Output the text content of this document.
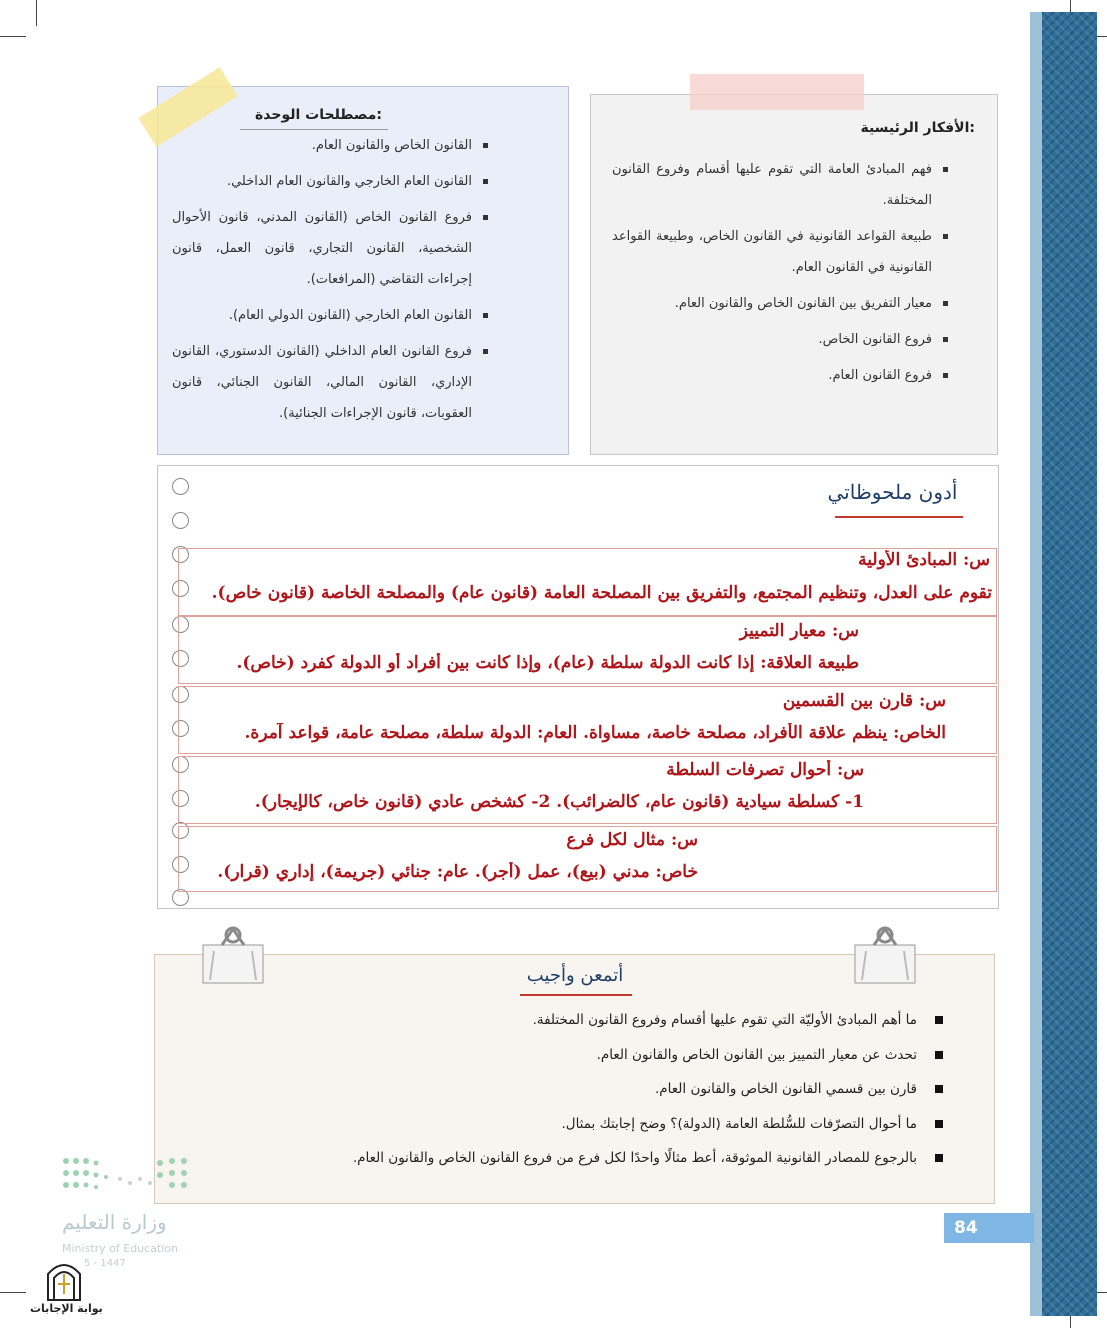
الأفكار الرئيسية:
فهم المبادئ العامة التي تقوم عليها أقسام وفروع القانون المختلفة.
طبيعة القواعد القانونية في القانون الخاص، وطبيعة القواعد القانونية في القانون العام.
معيار التفريق بين القانون الخاص والقانون العام.
فروع القانون الخاص.
فروع القانون العام.
مصطلحات الوحدة:
القانون الخاص والقانون العام.
القانون العام الخارجي والقانون العام الداخلي.
فروع القانون الخاص (القانون المدني، قانون الأحوال الشخصية، القانون التجاري، قانون العمل، قانون إجراءات التقاضي (المرافعات).
القانون العام الخارجي (القانون الدولي العام).
فروع القانون العام الداخلي (القانون الدستوري، القانون الإداري، القانون المالي، القانون الجنائي، قانون العقوبات، قانون الإجراءات الجنائية).
أدون ملحوظاتي
س: المبادئ الأولية
تقوم على العدل، وتنظيم المجتمع، والتفريق بين المصلحة العامة (قانون عام) والمصلحة الخاصة (قانون خاص).
س: معيار التمييز
طبيعة العلاقة: إذا كانت الدولة سلطة (عام)، وإذا كانت بين أفراد أو الدولة كفرد (خاص).
س: قارن بين القسمين
الخاص: ينظم علاقة الأفراد، مصلحة خاصة، مساواة. العام: الدولة سلطة، مصلحة عامة، قواعد آمرة.
س: أحوال تصرفات السلطة
1- كسلطة سيادية (قانون عام، كالضرائب). 2- كشخص عادي (قانون خاص، كالإيجار).
س: مثال لكل فرع
خاص: مدني (بيع)، عمل (أجر). عام: جنائي (جريمة)، إداري (قرار).
أتمعن وأجيب
ما أهم المبادئ الأوليّة التي تقوم عليها أقسام وفروع القانون المختلفة.
تحدث عن معيار التمييز بين القانون الخاص والقانون العام.
قارن بين قسمي القانون الخاص والقانون العام.
ما أحوال التصرّفات للسُّلطة العامة (الدولة)؟ وضح إجابتك بمثال.
بالرجوع للمصادر القانونية الموثوقة، أعط مثالًا واحدًا لكل فرع من فروع القانون الخاص والقانون العام.
وزارة التعليم
Ministry of Education
5 - 1447
84
بوابة الإجابات
